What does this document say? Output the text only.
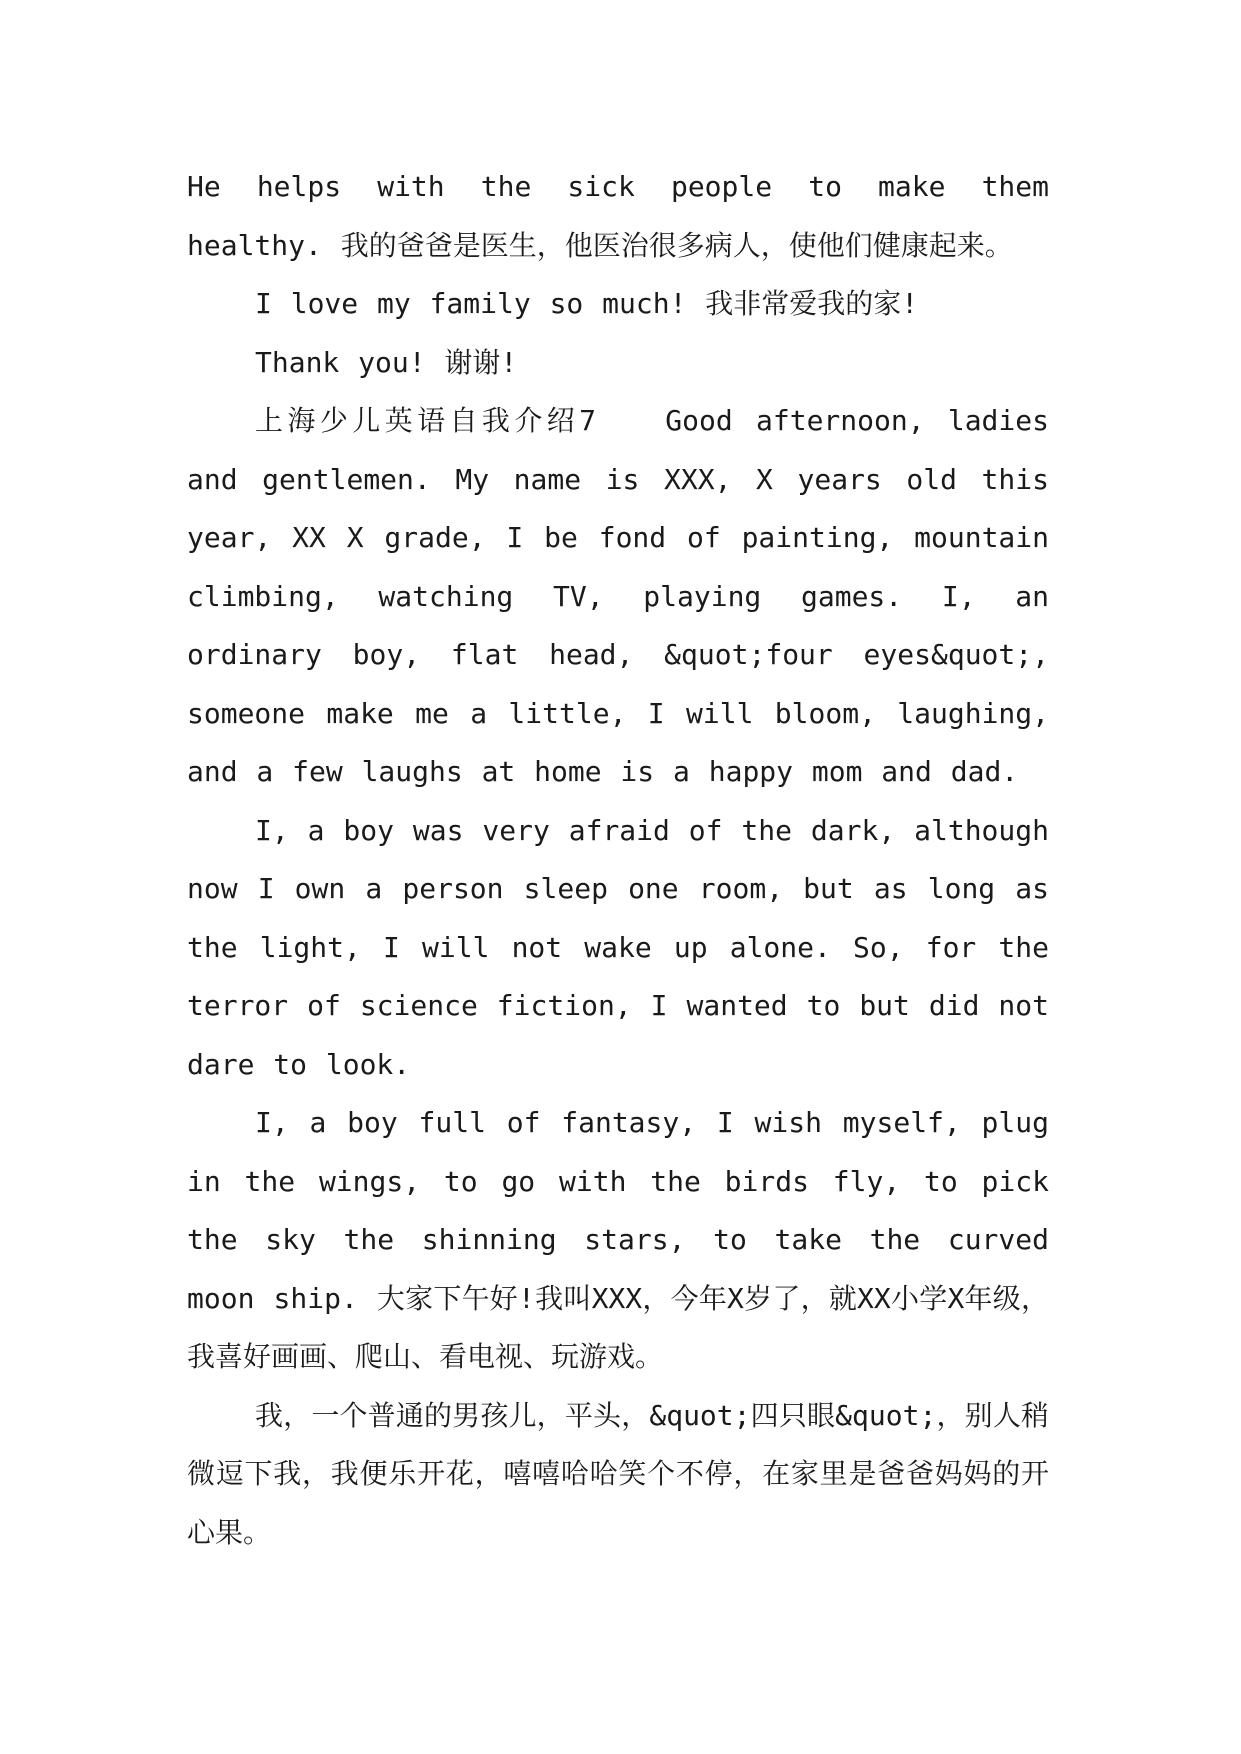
He helps with the sick people to make them healthy. 我的爸爸是医生，他医治很多病人，使他们健康起来。

I love my family so much! 我非常爱我的家!

Thank you! 谢谢!

上海少儿英语自我介绍7　　Good afternoon, ladies and gentlemen. My name is XXX, X years old this year, XX X grade, I be fond of painting, mountain climbing, watching TV, playing games. I, an ordinary boy, flat head, &quot;four eyes&quot;, someone make me a little, I will bloom, laughing, and a few laughs at home is a happy mom and dad.

I, a boy was very afraid of the dark, although now I own a person sleep one room, but as long as the light, I will not wake up alone. So, for the terror of science fiction, I wanted to but did not dare to look.

I, a boy full of fantasy, I wish myself, plug in the wings, to go with the birds fly, to pick the sky the shinning stars, to take the curved moon ship. 大家下午好!我叫XXX，今年X岁了，就XX小学X年级，我喜好画画、爬山、看电视、玩游戏。

我，一个普通的男孩儿，平头，&quot;四只眼&quot;，别人稍微逗下我，我便乐开花，嘻嘻哈哈笑个不停，在家里是爸爸妈妈的开心果。
